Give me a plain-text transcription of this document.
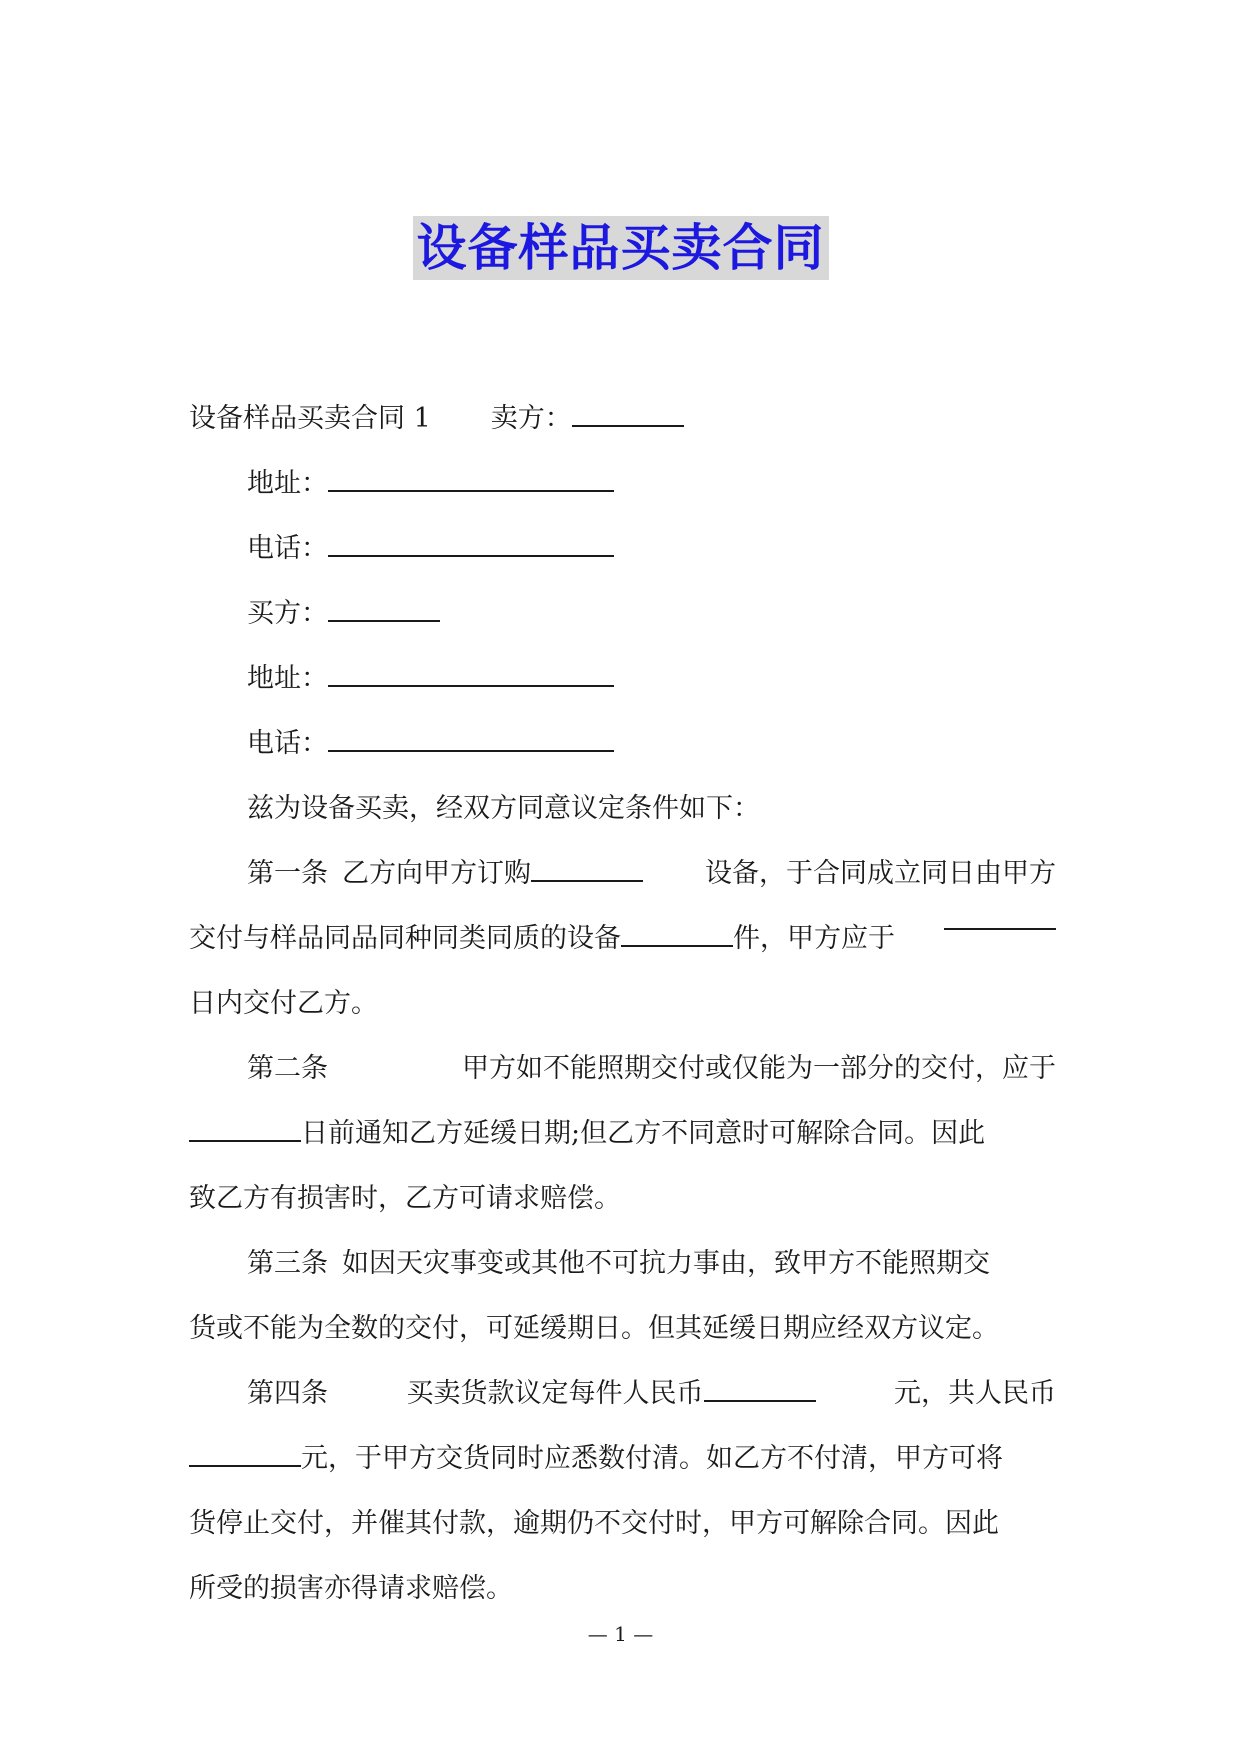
设备样品买卖合同
设备样品买卖合同 1 卖方：
地址：
电话：
买方：
地址：
电话：
兹为设备买卖，经双方同意议定条件如下：
第一条 乙方向甲方订购	设备，于合同成立同日由甲方
交付与样品同品同种同类同质的设备	件，甲方应于
日内交付乙方。
第二条	甲方如不能照期交付或仅能为一部分的交付，应于
日前通知乙方延缓日期;但乙方不同意时可解除合同。因此
致乙方有损害时，乙方可请求赔偿。
第三条 如因天灾事变或其他不可抗力事由，致甲方不能照期交
货或不能为全数的交付，可延缓期日。但其延缓日期应经双方议定。
第四条	买卖货款议定每件人民币	元，共人民币
元，于甲方交货同时应悉数付清。如乙方不付清，甲方可将
货停止交付，并催其付款，逾期仍不交付时，甲方可解除合同。因此
所受的损害亦得请求赔偿。
— 1 —
